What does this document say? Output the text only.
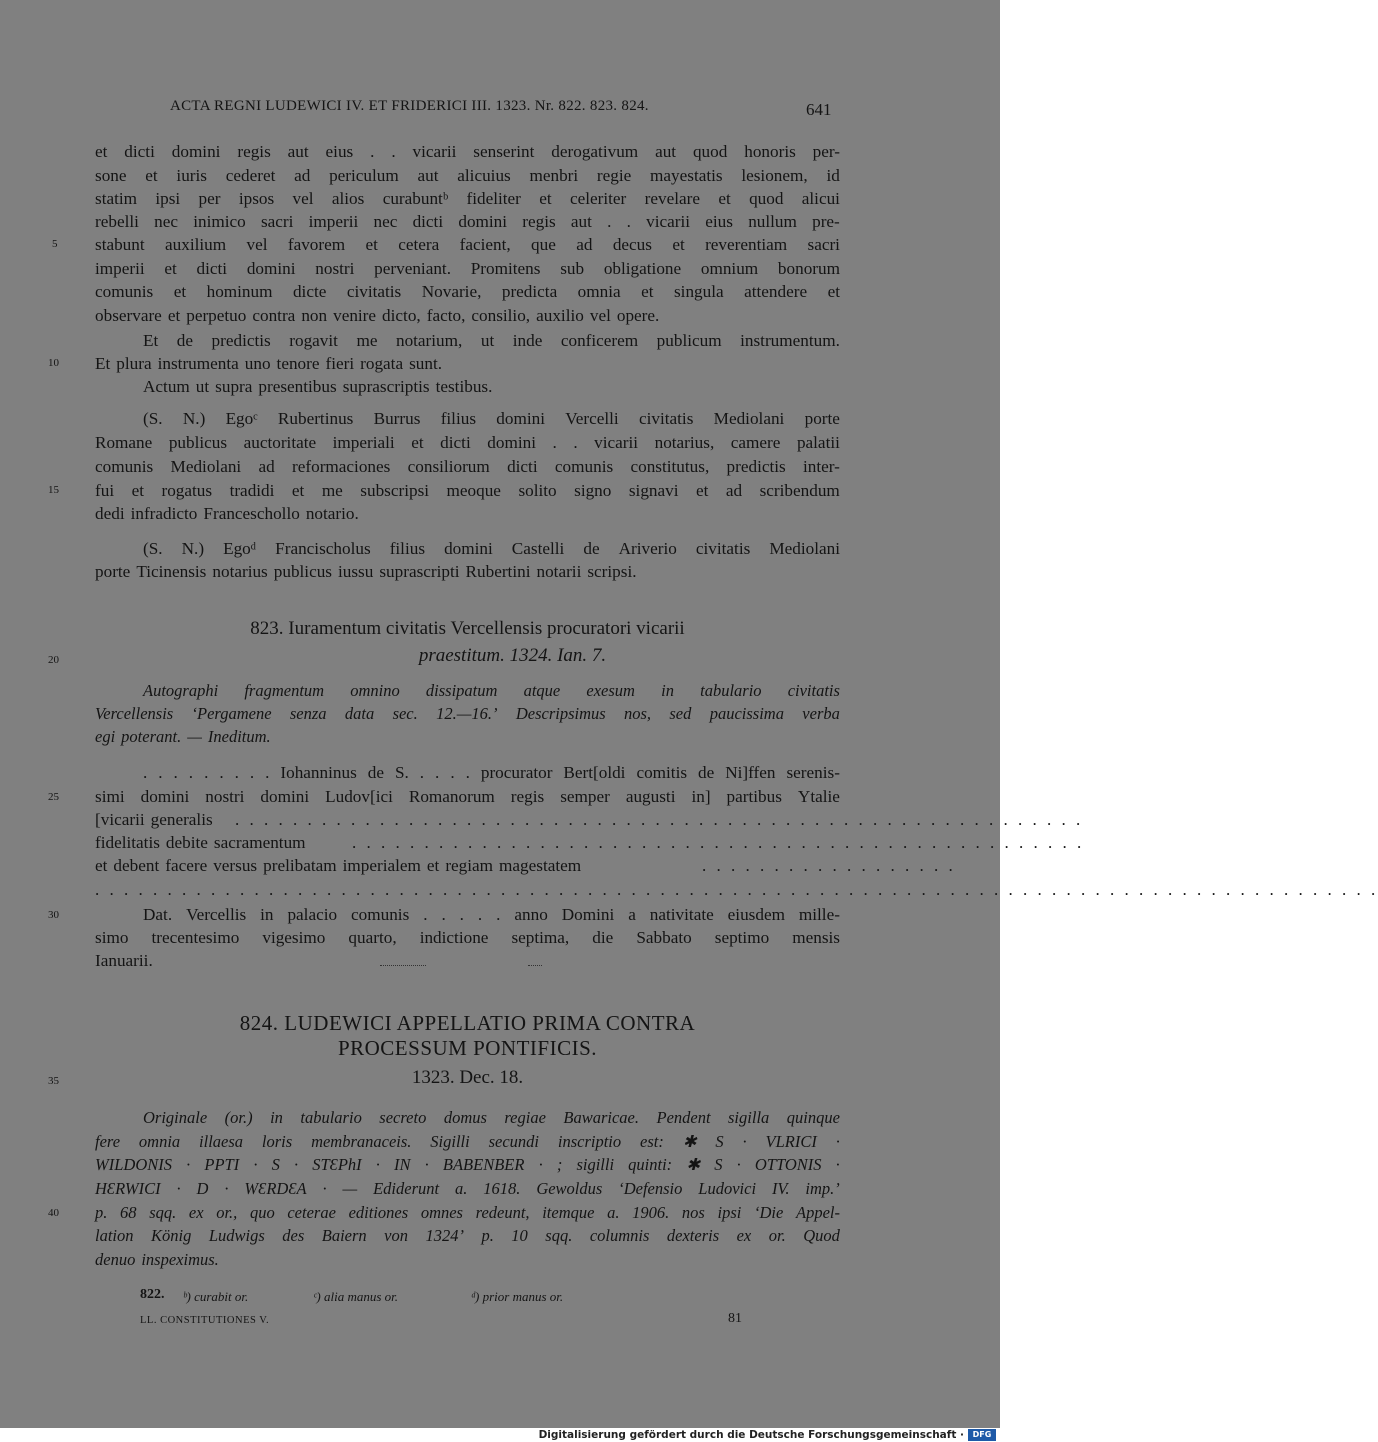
ACTA REGNI LUDEWICI IV. ET FRIDERICI III. 1323. Nr. 822. 823. 824.	641
et dicti domini regis aut eius . . vicarii senserint derogativum aut quod honoris per-
sone et iuris cederet ad periculum aut alicuius menbri regie mayestatis lesionem, id
statim ipsi per ipsos vel alios curabuntᵇ fideliter et celeriter revelare et quod alicui
rebelli nec inimico sacri imperii nec dicti domini regis aut . . vicarii eius nullum pre-
stabunt auxilium vel favorem et cetera facient, que ad decus et reverentiam sacri
imperii et dicti domini nostri perveniant. Promitens sub obligatione omnium bonorum
comunis et hominum dicte civitatis Novarie, predicta omnia et singula attendere et
observare et perpetuo contra non venire dicto, facto, consilio, auxilio vel opere.
Et de predictis rogavit me notarium, ut inde conficerem publicum instrumentum.
Et plura instrumenta uno tenore fieri rogata sunt.
Actum ut supra presentibus suprascriptis testibus.
(S. N.) Egoᶜ Rubertinus Burrus filius domini Vercelli civitatis Mediolani porte
Romane publicus auctoritate imperiali et dicti domini . . vicarii notarius, camere palatii
comunis Mediolani ad reformaciones consiliorum dicti comunis constitutus, predictis inter-
fui et rogatus tradidi et me subscripsi meoque solito signo signavi et ad scribendum
dedi infradicto Franceschollo notario.
(S. N.) Egoᵈ Francischolus filius domini Castelli de Ariverio civitatis Mediolani
porte Ticinensis notarius publicus iussu suprascripti Rubertini notarii scripsi.
823. Iuramentum civitatis Vercellensis procuratori vicarii
praestitum. 1324. Ian. 7.
Autographi fragmentum omnino dissipatum atque exesum in tabulario civitatis
Vercellensis ‘Pergamene senza data sec. 12.—16.’ Descripsimus nos, sed paucissima verba
egi poterant. — Ineditum.
. . . . . . . . . Iohanninus de S. . . . . procurator Bert[oldi comitis de Ni]ffen serenis-
simi domini nostri domini Ludov[ici Romanorum regis semper augusti in] partibus Ytalie
[vicarii generalis . . . . . . . . . . . . . . . . . . . . . . . . . . . . . . . . . . . . . . . . . . . . . . . . . . . . . . . . . . .
fidelitatis debite sacramentum	. . . . . . . . . . . . . . . . . . . . . . . . . . . . . . . . . . . . . . . . . . . . . . . . . . .
et debent facere versus prelibatam imperialem et regiam magestatem	. . . . . . . . . . . . . . . . . .
. . . . . . . . . . . . . . . . . . . . . . . . . . . . . . . . . . . . . . . . . . . . . . . . . . . . . . . . . . . . . . . . . . . . . . . . . . . . . . . . . . . . . . . . .
Dat. Vercellis in palacio comunis . . . . . anno Domini a nativitate eiusdem mille-
simo trecentesimo vigesimo quarto, indictione septima, die Sabbato septimo mensis
Ianuarii.
824. LUDEWICI APPELLATIO PRIMA CONTRA
PROCESSUM PONTIFICIS.
1323. Dec. 18.
Originale (or.) in tabulario secreto domus regiae Bawaricae. Pendent sigilla quinque
fere omnia illaesa loris membranaceis. Sigilli secundi inscriptio est: ✱ S · VLRICI ·
WILDONIS · PPTI · S · STƐPhI · IN · BABENBER · ; sigilli quinti: ✱ S · OTTONIS ·
HƐRWICI · D · WƐRDƐA · — Ediderunt a. 1618. Gewoldus ‘Defensio Ludovici IV. imp.’
p. 68 sqq. ex or., quo ceterae editiones omnes redeunt, itemque a. 1906. nos ipsi ‘Die Appel-
lation König Ludwigs des Baiern von 1324’ p. 10 sqq. columnis dexteris ex or. Quod
denuo inspeximus.
822. ᵇ) curabit or.	ᶜ) alia manus or.	ᵈ) prior manus or.
LL. CONSTITUTIONES V.	81
5
10
15
20
25
30
35
40
Digitalisierung gefördert durch die Deutsche Forschungsgemeinschaft ·	DFG
